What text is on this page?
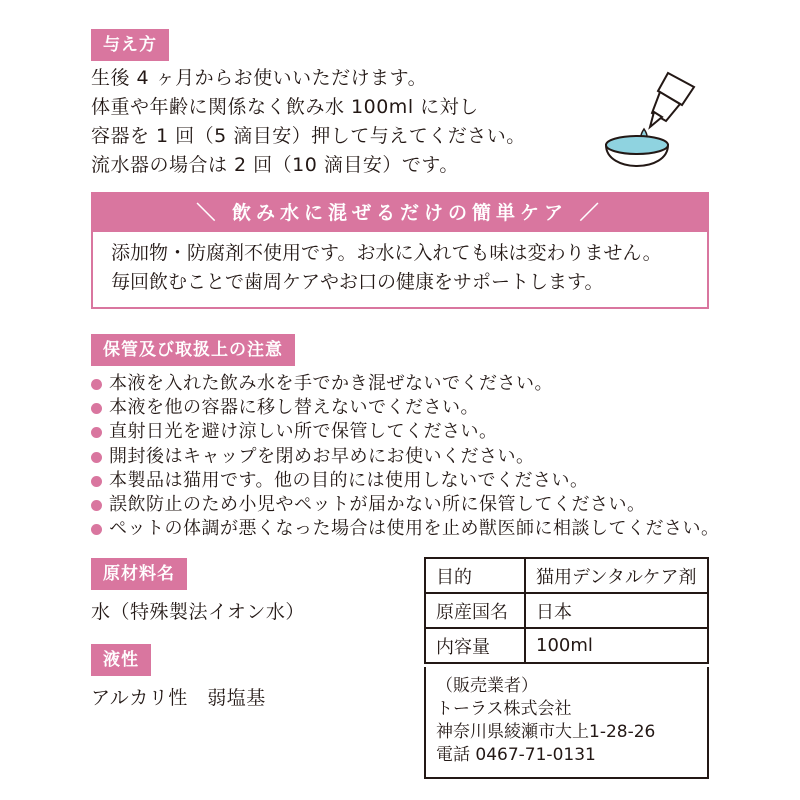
与え方
生後 4 ヶ月からお使いいただけます。
体重や年齢に関係なく飲み水 100ml に対し
容器を 1 回（5 滴目安）押して与えてください。
流水器の場合は 2 回（10 滴目安）です。
＼ 飲み水に混ぜるだけの簡単ケア ／
添加物・防腐剤不使用です。お水に入れても味は変わりません。
毎回飲むことで歯周ケアやお口の健康をサポートします。
保管及び取扱上の注意
本液を入れた飲み水を手でかき混ぜないでください。
本液を他の容器に移し替えないでください。
直射日光を避け涼しい所で保管してください。
開封後はキャップを閉めお早めにお使いください。
本製品は猫用です。他の目的には使用しないでください。
誤飲防止のため小児やペットが届かない所に保管してください。
ペットの体調が悪くなった場合は使用を止め獣医師に相談してください。
原材料名
水（特殊製法イオン水）
液性
アルカリ性　弱塩基
目的	猫用デンタルケア剤
原産国名	日本
内容量	100ml
（販売業者）
トーラス株式会社
神奈川県綾瀬市大上1-28-26
電話 0467-71-0131
